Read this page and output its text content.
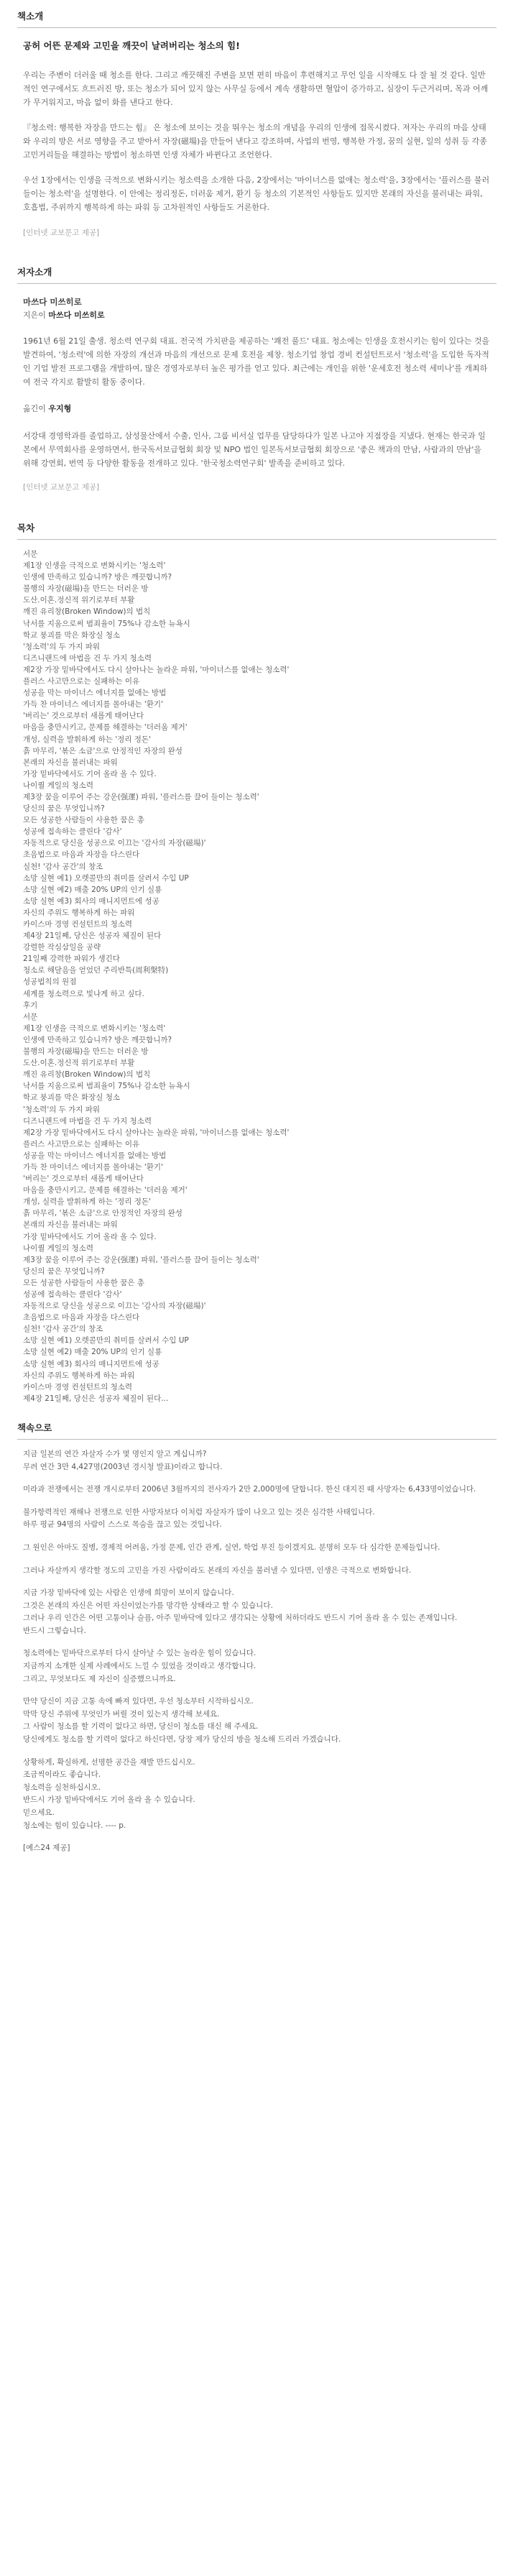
책소개

공허 어뜬 문제와 고민을 깨끗이 날려버리는 청소의 힘!

우리는 주변이 더러울 때 청소를 한다. 그리고 깨끗해진 주변을 보면 편히 마음이 후련해지고 무언 일을 시작해도 다 잘 될 것 같다. 일반적인 연구에서도 흐트러진 방, 또는 청소가 되어 있지 않는 사무실 등에서 계속 생활하면 혈압이 증가하고, 심장이 두근거리며, 목과 어깨가 무거워지고, 마음 없이 화를 낸다고 한다.

『청소력: 행복한 자장을 만드는 힘』 은 청소에 보이는 것을 뛰우는 청소의 개념을 우리의 인생에 접목시켰다. 저자는 우리의 마음 상태와 우리의 방은 서로 영향을 주고 받아서 자장(磁場)을 만들어 낸다고 강조하며, 사업의 번영, 행복한 가정, 꿈의 실현, 일의 성취 등 각종 고민거리들을 해결하는 방법이 청소하면 인생 자체가 바뀐다고 조언한다.

우선 1장에서는 인생을 극적으로 변화시키는 청소력을 소개한 다음, 2장에서는 '마이너스를 없애는 청소력'을, 3장에서는 '플러스를 불러들이는 청소력'을 설명한다. 이 안에는 정리정돈, 더러움 제거, 환기 등 청소의 기본적인 사항들도 있지만 본래의 자신을 불러내는 파워, 호흡법, 주위까지 행복하게 하는 파워 등 고차원적인 사항들도 거론한다.

[인터넷 교보문고 제공]

저자소개

마쓰다 미쓰히로

지은이 마쓰다 미쓰히로

1961년 6월 21일 출생. 청소력 연구회 대표. 전국적 가치판을 제공하는 '쾌전 풀드' 대표. 청소에는 인생을 호전시키는 힘이 있다는 것을 발견하여, '청소력'에 의한 자장의 개선과 마음의 개선으로 문제 호전을 제창. 청소기업 창업 경비 컨설턴트로서 '청소력'을 도입한 독자적인 기업 발전 프로그램을 개발하여, 많은 경영자로부터 높은 평가를 얻고 있다. 최근에는 개인을 위한 '운세호전 청소력 세미나'를 개최하여 전국 각지로 활발히 활동 중이다.

옮긴이 우지형

서강대 경영학과를 졸업하고, 삼성물산에서 수출, 인사, 그룹 비서실 업무를 담당하다가 일본 나고야 지점장을 지냈다. 현재는 한국과 일본에서 무역회사를 운영하면서, 한국독서보급협회 회장 및 NPO 법인 일본독서보급협회 회장으로 '좋은 책과의 만남, 사람과의 만남'을 위해 강연회, 번역 등 다양한 활동을 전개하고 있다. '한국청소력연구회' 발족을 준비하고 있다.

[인터넷 교보문고 제공]

목차

서문

제1장 인생을 극적으로 변화시키는 '청소력'

인생에 만족하고 있습니까? 방은 깨끗합니까?

불행의 자장(磁場)을 만드는 더러운 방

도산.이혼.정신적 위기로부터 부활

깨진 유리창(Broken Window)의 법칙

낙서를 지움으로써 범죄율이 75%나 감소한 뉴욕시

학교 붕괴를 막은 화장실 청소

'청소력'의 두 가지 파워

디즈니랜드에 마법을 건 두 가지 청소력

제2장 가장 밑바닥에서도 다시 살아나는 놀라운 파워, '마이너스를 없애는 청소력'

플러스 사고만으로는 실패하는 이유

성공을 막는 마이너스 에너지를 없애는 방법

가득 찬 마이너스 에너지를 몰아내는 '환기'

'버리는' 것으로부터 새롭게 태어난다

마음을 충만시키고, 문제를 해결하는 '더러움 제거'

개성, 실력을 발휘하게 하는 '정리 정돈'

흙 마무리, '볶은 소금'으로 안정적인 자장의 완성

본래의 자신을 불러내는 파워

가장 밑바닥에서도 기어 올라 올 수 있다.

나이퀄 게일의 청소력

제3장 꿈을 이루어 주는 강운(强運) 파워, '플러스를 끌어 들이는 청소력'

당신의 꿈은 무엇입니까?

모든 성공한 사람들이 사용한 꿈은 총

성공에 접속하는 클린다 '감사'

자동적으로 당신을 성공으로 이끄는 '감사의 자장(磁場)'

초음법으로 마음과 자장을 다스린다

실천! '감사 공간'의 창조

소망 실현 예1) 오렛콜만의 취미를 살려서 수입 UP

소망 실현 예2) 매출 20% UP의 인기 실룡

소망 실현 예3) 회사의 매니지먼트에 성공

자신의 주위도 행복하게 하는 파워

카이스마 경영 컨설턴트의 청소력

제4장 21일째, 당신은 성공자 체질이 된다

강렬한 작심삼일을 공략

21일째 강력한 파워가 생긴다

청소로 해달음을 얻었던 주리반특(周利槃特)

성공법칙의 원점

세계를 청소력으로 빛나게 하고 싶다.

후기

서문

제1장 인생을 극적으로 변화시키는 '청소력'

인생에 만족하고 있습니까? 방은 깨끗합니까?

불행의 자장(磁場)을 만드는 더러운 방

도산.이혼.정신적 위기로부터 부활

깨진 유리창(Broken Window)의 법칙

낙서를 지움으로써 범죄율이 75%나 감소한 뉴욕시

학교 붕괴를 막은 화장실 청소

'청소력'의 두 가지 파워

디즈니랜드에 마법을 건 두 가지 청소력

제2장 가장 밑바닥에서도 다시 살아나는 놀라운 파워, '마이너스를 없애는 청소력'

플러스 사고만으로는 실패하는 이유

성공을 막는 마이너스 에너지를 없애는 방법

가득 찬 마이너스 에너지를 몰아내는 '환기'

'버리는' 것으로부터 새롭게 태어난다

마음을 충만시키고, 문제를 해결하는 '더러움 제거'

개성, 실력을 발휘하게 하는 '정리 정돈'

흙 마무리, '볶은 소금'으로 안정적인 자장의 완성

본래의 자신을 불러내는 파워

가장 밑바닥에서도 기어 올라 올 수 있다.

나이퀄 게일의 청소력

제3장 꿈을 이루어 주는 강운(强運) 파워, '플러스를 끌어 들이는 청소력'

당신의 꿈은 무엇입니까?

모든 성공한 사람들이 사용한 꿈은 총

성공에 접속하는 클린다 '감사'

자동적으로 당신을 성공으로 이끄는 '감사의 자장(磁場)'

초음법으로 마음과 자장을 다스린다

실천! '감사 공간'의 창조

소망 실현 예1) 오렛콜만의 취미를 살려서 수입 UP

소망 실현 예2) 매출 20% UP의 인기 실룡

소망 실현 예3) 회사의 매니지먼트에 성공

자신의 주위도 행복하게 하는 파워

카이스마 경영 컨설턴트의 청소력

제4장 21일째, 당신은 성공자 체질이 된다...

책속으로
지금 일본의 연간 자살자 수가 몇 명인지 알고 계십니까?
무려 연간 3만 4,427명(2003년 경시청 발표)이라고 합니다.
미라과 전쟁에서는 전쟁 개시로부터 2006년 3월까지의 전사자가 2만 2,000명에 달합니다. 한신 대지진 때 사망자는 6,433명이었습니다.
불가항력적인 재해나 전쟁으로 인한 사망자보다 이처럼 자살자가 많이 나오고 있는 것은 심각한 사태입니다.
하루 평균 94명의 사람이 스스로 목숨을 끊고 있는 것입니다.
그 원인은 아마도 질병, 경제적 어려움, 가정 문제, 인간 관계, 실연, 학업 부진 등이겠지요. 분명히 모두 다 심각한 문제들입니다.
그러나 자살까지 생각할 정도의 고민을 가진 사람이라도 본래의 자신을 불러낼 수 있다면, 인생은 극적으로 변화합니다.
지금 가장 밑바닥에 있는 사람은 인생에 희망이 보이지 않습니다.
그것은 본래의 자신은 어떤 자신이었는가를 망각한 상태라고 할 수 있습니다.
그러나 우리 인간은 어떤 고통이나 슬픔, 아주 밑바닥에 있다고 생각되는 상황에 처하더라도 반드시 기어 올라 올 수 있는 존재입니다.
반드시 그렇습니다.
청소력에는 밑바닥으로부터 다시 살아날 수 있는 놀라운 힘이 있습니다.
지금까지 소개한 실제 사례에서도 느낄 수 있었을 것이라고 생각합니다.
그리고, 무엇보다도 제 자신이 실증했으니까요.
만약 당신이 지금 고통 속에 빠져 있다면, 우선 청소부터 시작하십시오.
막막 당신 주위에 무엇인가 버릴 것이 있는지 생각해 보세요.
그 사람이 청소를 할 기력이 없다고 하면, 당신이 청소를 대신 해 주세요.
당신에게도 청소를 할 기력이 없다고 하신다면, 당장 제가 당신의 방을 청소해 드리러 가겠습니다.
상황하게, 확실하게, 선명한 공간을 재발 만드십시오.
조금씩이라도 좋습니다.
청소력을 실천하십시오.
반드시 가장 밑바닥에서도 기어 올라 올 수 있습니다.
믿으세요.
청소에는 힘이 있습니다. ---- p.

[예스24 제공]
